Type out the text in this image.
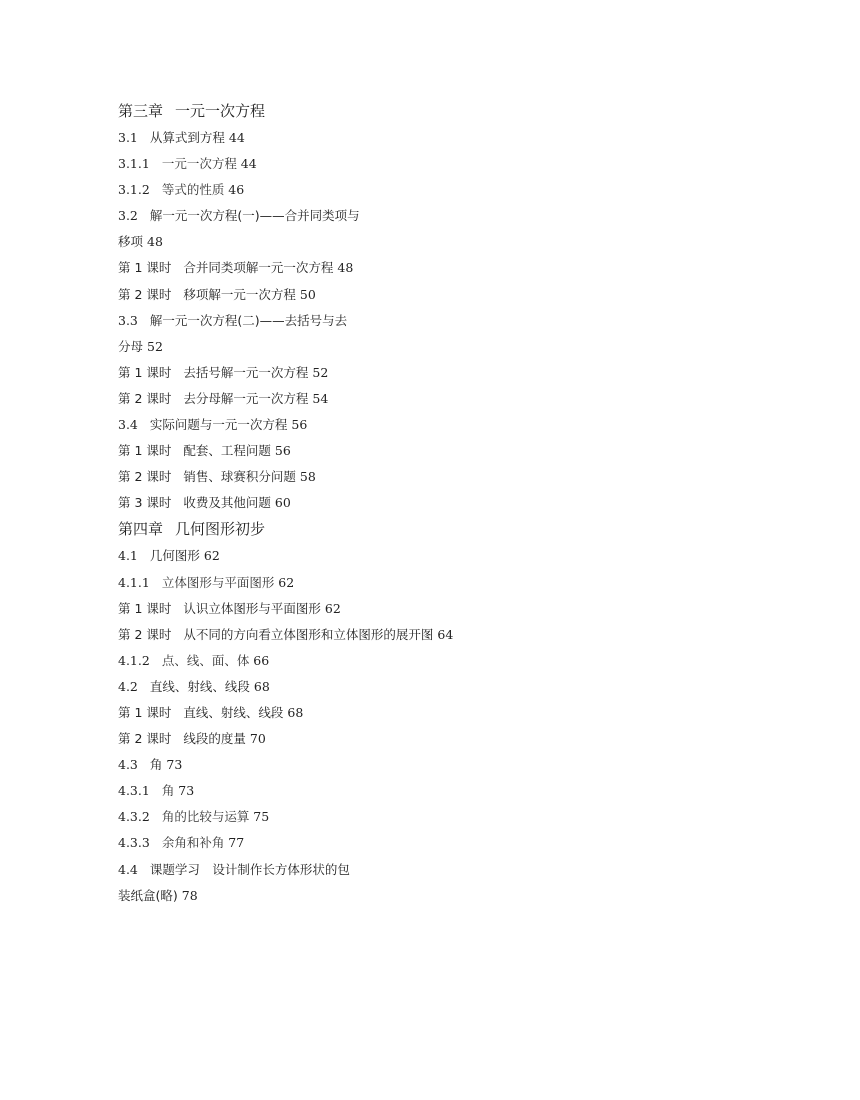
第三章 一元一次方程
3.1 从算式到方程 44
3.1.1 一元一次方程 44
3.1.2 等式的性质 46
3.2 解一元一次方程(一)——合并同类项与
移项 48
第 1 课时 合并同类项解一元一次方程 48
第 2 课时 移项解一元一次方程 50
3.3 解一元一次方程(二)——去括号与去
分母 52
第 1 课时 去括号解一元一次方程 52
第 2 课时 去分母解一元一次方程 54
3.4 实际问题与一元一次方程 56
第 1 课时 配套、工程问题 56
第 2 课时 销售、球赛积分问题 58
第 3 课时 收费及其他问题 60
第四章 几何图形初步
4.1 几何图形 62
4.1.1 立体图形与平面图形 62
第 1 课时 认识立体图形与平面图形 62
第 2 课时 从不同的方向看立体图形和立体图形的展开图 64
4.1.2 点、线、面、体 66
4.2 直线、射线、线段 68
第 1 课时 直线、射线、线段 68
第 2 课时 线段的度量 70
4.3 角 73
4.3.1 角 73
4.3.2 角的比较与运算 75
4.3.3 余角和补角 77
4.4 课题学习　设计制作长方体形状的包
装纸盒(略) 78
